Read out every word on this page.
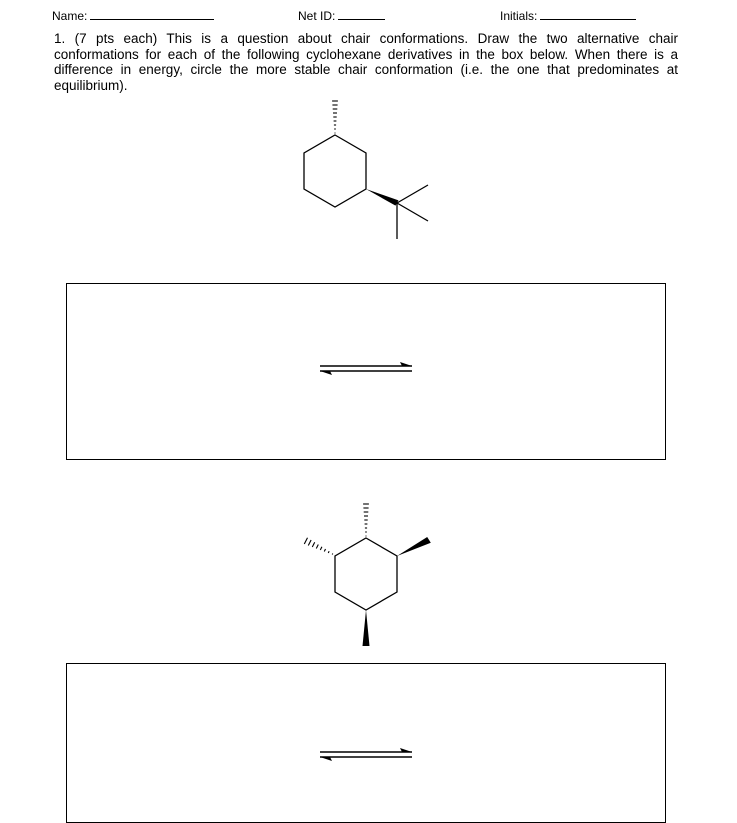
Name:	Net ID:	Initials:

1. (7 pts each) This is a question about chair conformations. Draw the two alternative chair conformations for each of the following cyclohexane derivatives in the box below. When there is a difference in energy, circle the more stable chair conformation (i.e. the one that predominates at equilibrium).
